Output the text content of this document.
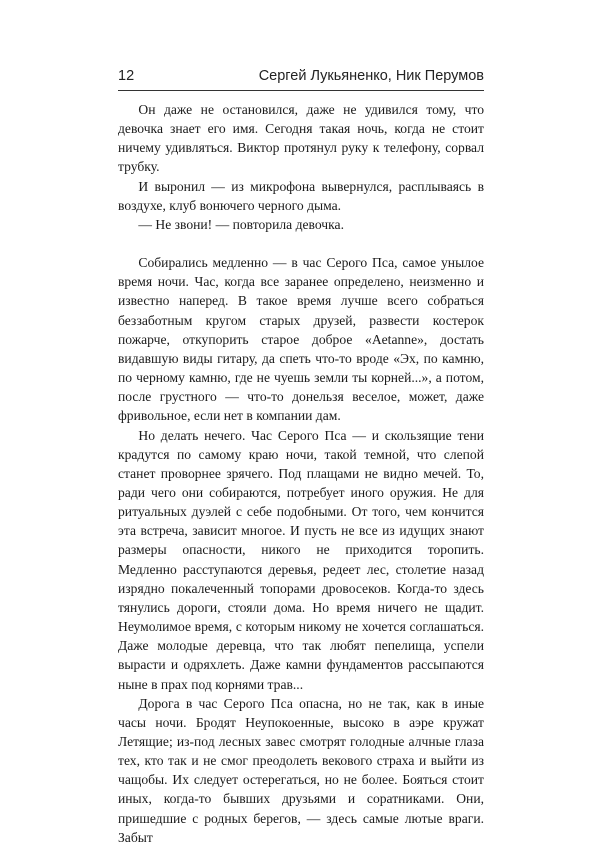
12	Сергей Лукьяненко, Ник Перумов

Он даже не остановился, даже не удивился тому, что девочка знает его имя. Сегодня такая ночь, когда не стоит ничему удивляться. Виктор протянул руку к телефону, сорвал трубку.

И выронил — из микрофона вывернулся, расплываясь в воздухе, клуб вонючего черного дыма.

— Не звони! — повторила девочка.

Собирались медленно — в час Серого Пса, самое унылое время ночи. Час, когда все заранее определено, неизменно и известно наперед. В такое время лучше всего собраться беззаботным кругом старых друзей, развести костерок пожарче, откупорить старое доброе «Aetanne», достать видавшую виды гитару, да спеть что-то вроде «Эх, по камню, по черному камню, где не чуешь земли ты корней...», а потом, после грустного — что-то донельзя веселое, может, даже фривольное, если нет в компании дам.

Но делать нечего. Час Серого Пса — и скользящие тени крадутся по самому краю ночи, такой темной, что слепой станет проворнее зрячего. Под плащами не видно мечей. То, ради чего они собираются, потребует иного оружия. Не для ритуальных дуэлей с себе подобными. От того, чем кончится эта встреча, зависит многое. И пусть не все из идущих знают размеры опасности, никого не приходится торопить. Медленно расступаются деревья, редеет лес, столетие назад изрядно покалеченный топорами дровосеков. Когда-то здесь тянулись дороги, стояли дома. Но время ничего не щадит. Неумолимое время, с которым никому не хочется соглашаться. Даже молодые деревца, что так любят пепелища, успели вырасти и одряхлеть. Даже камни фундаментов рассыпаются ныне в прах под корнями трав...

Дорога в час Серого Пса опасна, но не так, как в иные часы ночи. Бродят Неупокоенные, высоко в аэре кружат Летящие; из-под лесных завес смотрят голодные алчные глаза тех, кто так и не смог преодолеть векового страха и выйти из чащобы. Их следует остерегаться, но не более. Бояться стоит иных, когда-то бывших друзьями и соратниками. Они, пришедшие с родных берегов, — здесь самые лютые враги. Забыт
